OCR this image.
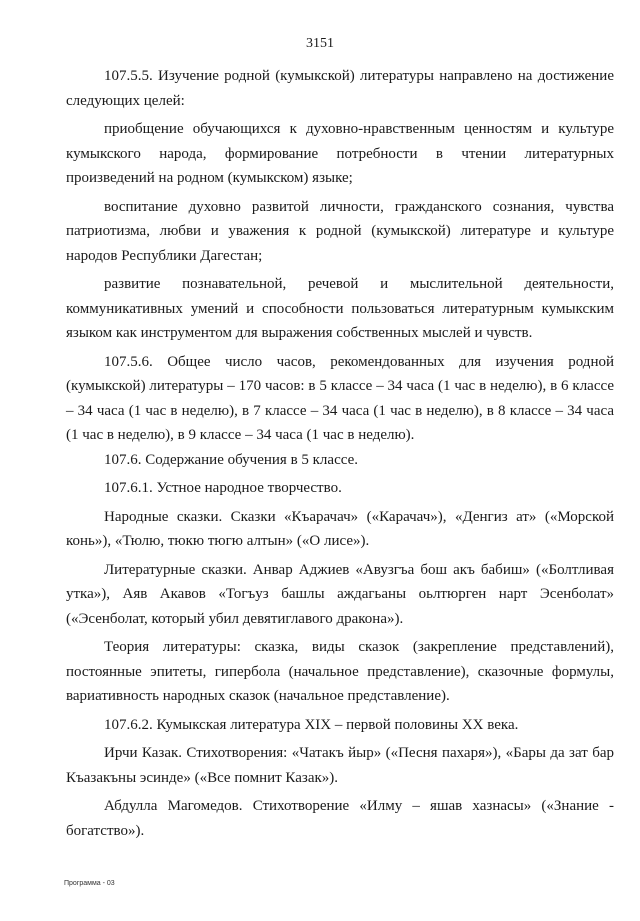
3151

107.5.5. Изучение родной (кумыкской) литературы направлено на достижение следующих целей:

приобщение обучающихся к духовно-нравственным ценностям и культуре кумыкского народа, формирование потребности в чтении литературных произведений на родном (кумыкском) языке;

воспитание духовно развитой личности, гражданского сознания, чувства патриотизма, любви и уважения к родной (кумыкской) литературе и культуре народов Республики Дагестан;

развитие познавательной, речевой и мыслительной деятельности, коммуникативных умений и способности пользоваться литературным кумыкским языком как инструментом для выражения собственных мыслей и чувств.

107.5.6. Общее число часов, рекомендованных для изучения родной (кумыкской) литературы – 170 часов: в 5 классе – 34 часа (1 час в неделю), в 6 классе – 34 часа (1 час в неделю), в 7 классе – 34 часа (1 час в неделю), в 8 классе – 34 часа (1 час в неделю), в 9 классе – 34 часа (1 час в неделю).

107.6. Содержание обучения в 5 классе.

107.6.1. Устное народное творчество.

Народные сказки. Сказки «Къарачач» («Карачач»), «Денгиз ат» («Морской конь»), «Тюлю, тюкю тюгю алтын» («О лисе»).

Литературные сказки. Анвар Аджиев «Авузгъа бош акъ бабиш» («Болтливая утка»), Аяв Акавов «Тогъуз башлы аждагьаны оьлтюрген нарт Эсенболат» («Эсенболат, который убил девятиглавого дракона»).

Теория литературы: сказка, виды сказок (закрепление представлений), постоянные эпитеты, гипербола (начальное представление), сказочные формулы, вариативность народных сказок (начальное представление).

107.6.2. Кумыкская литература XIX – первой половины XX века.

Ирчи Казак. Стихотворения: «Чатакъ йыр» («Песня пахаря»), «Бары да зат бар Къазакъны эсинде» («Все помнит Казак»).

Абдулла Магомедов. Стихотворение «Илму – яшав хазнасы» («Знание - богатство»).

Программа - 03
